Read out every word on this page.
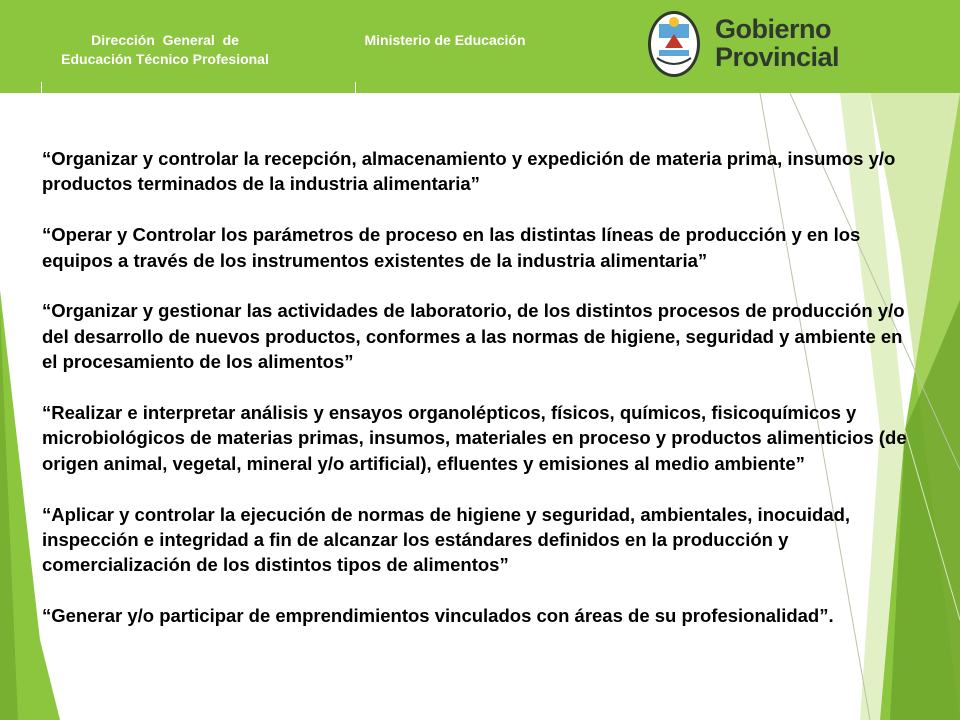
Dirección  General  de
Educación Técnico Profesional
Ministerio de Educación	Gobierno
Provincial

“Organizar y controlar la recepción, almacenamiento y expedición de materia prima, insumos y/o productos terminados de la industria alimentaria”

“Operar y Controlar los parámetros de proceso en las distintas líneas de producción y en los equipos a través de los instrumentos existentes de la industria alimentaria”

“Organizar y gestionar las actividades de laboratorio, de los distintos procesos de producción y/o del desarrollo de nuevos productos, conformes a las normas de higiene, seguridad y ambiente en el procesamiento de los alimentos”

“Realizar e interpretar análisis y ensayos organolépticos, físicos, químicos, fisicoquímicos y microbiológicos de materias primas, insumos, materiales en proceso y productos alimenticios (de origen animal, vegetal, mineral y/o artificial), efluentes y emisiones al medio ambiente”

“Aplicar y controlar la ejecución de normas de higiene y seguridad, ambientales, inocuidad, inspección e integridad a fin de alcanzar los estándares definidos en la producción y comercialización de los distintos tipos de alimentos”

“Generar y/o participar de emprendimientos vinculados con áreas de su profesionalidad”.
